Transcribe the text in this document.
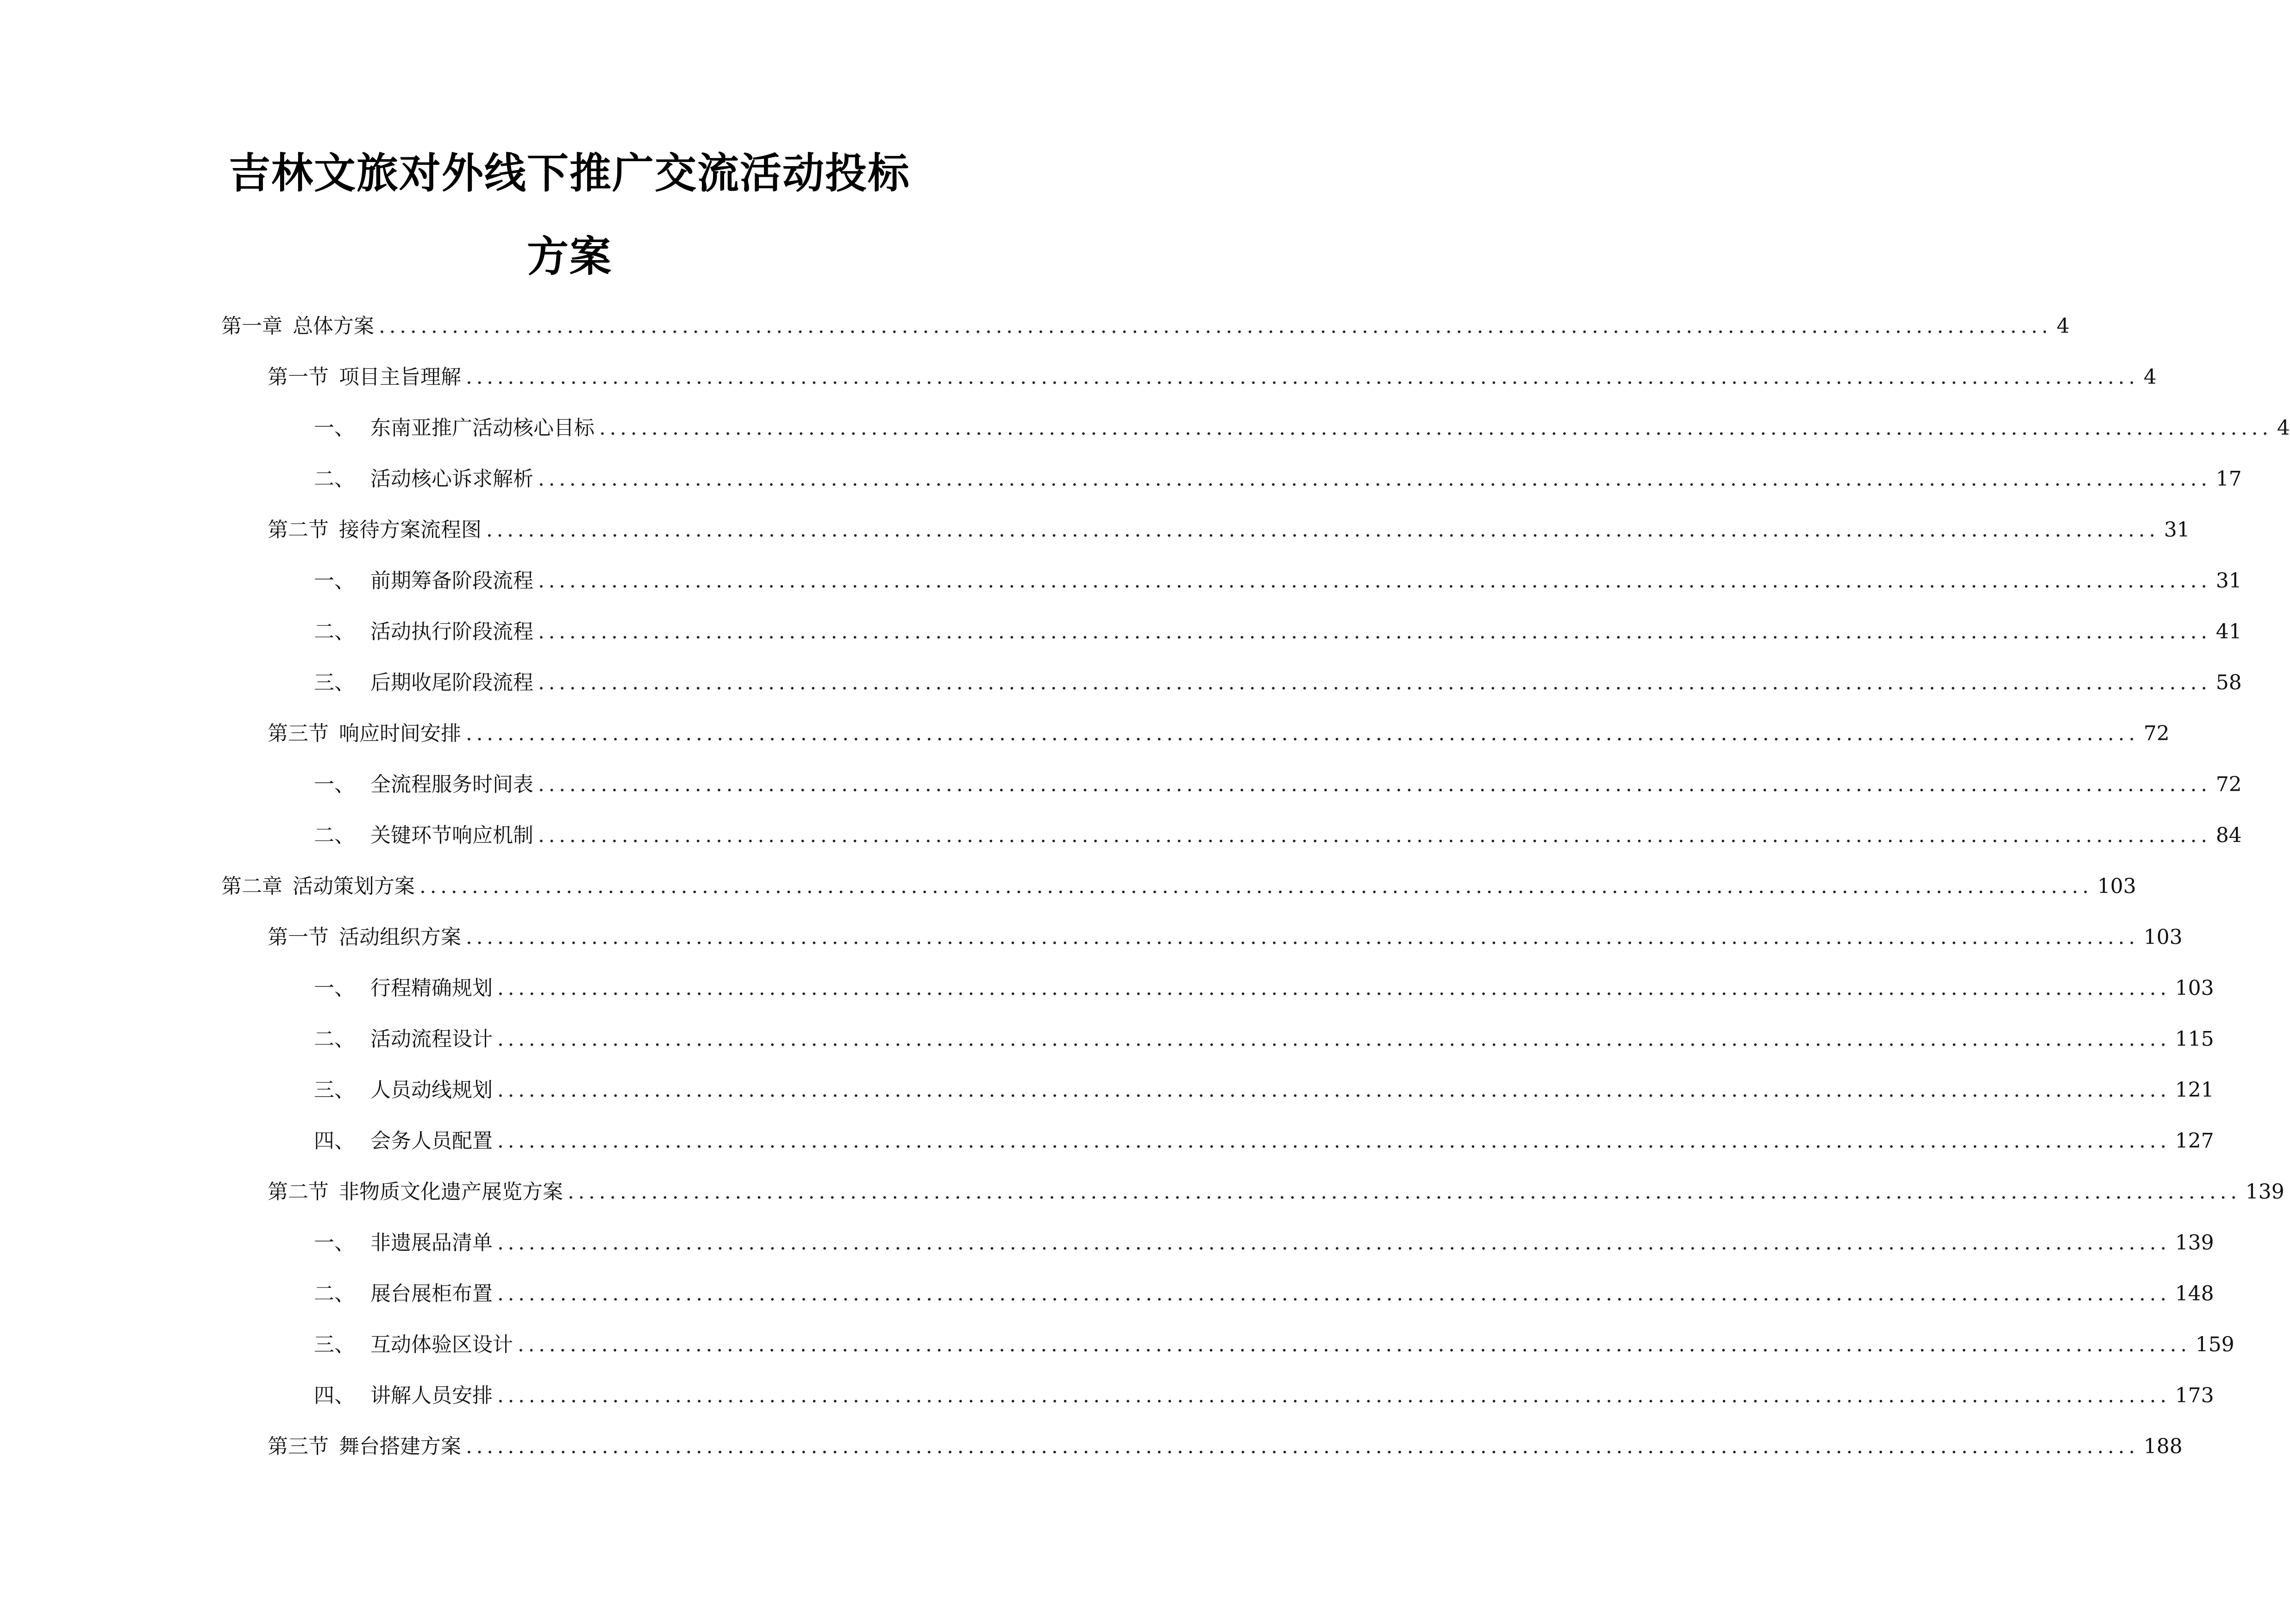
吉林文旅对外线下推广交流活动投标
方案
第一章 总体方案 ................................................................................................................................................................ 4
第一节 项目主旨理解 ................................................................................................................................................................ 4
一、 东南亚推广活动核心目标 ................................................................................................................................................................ 4
二、 活动核心诉求解析 ................................................................................................................................................................ 17
第二节 接待方案流程图 ................................................................................................................................................................ 31
一、 前期筹备阶段流程 ................................................................................................................................................................ 31
二、 活动执行阶段流程 ................................................................................................................................................................ 41
三、 后期收尾阶段流程 ................................................................................................................................................................ 58
第三节 响应时间安排 ................................................................................................................................................................ 72
一、 全流程服务时间表 ................................................................................................................................................................ 72
二、 关键环节响应机制 ................................................................................................................................................................ 84
第二章 活动策划方案 ................................................................................................................................................................ 103
第一节 活动组织方案 ................................................................................................................................................................ 103
一、 行程精确规划 ................................................................................................................................................................ 103
二、 活动流程设计 ................................................................................................................................................................ 115
三、 人员动线规划 ................................................................................................................................................................ 121
四、 会务人员配置 ................................................................................................................................................................ 127
第二节 非物质文化遗产展览方案 ................................................................................................................................................................ 139
一、 非遗展品清单 ................................................................................................................................................................ 139
二、 展台展柜布置 ................................................................................................................................................................ 148
三、 互动体验区设计 ................................................................................................................................................................ 159
四、 讲解人员安排 ................................................................................................................................................................ 173
第三节 舞台搭建方案 ................................................................................................................................................................ 188
